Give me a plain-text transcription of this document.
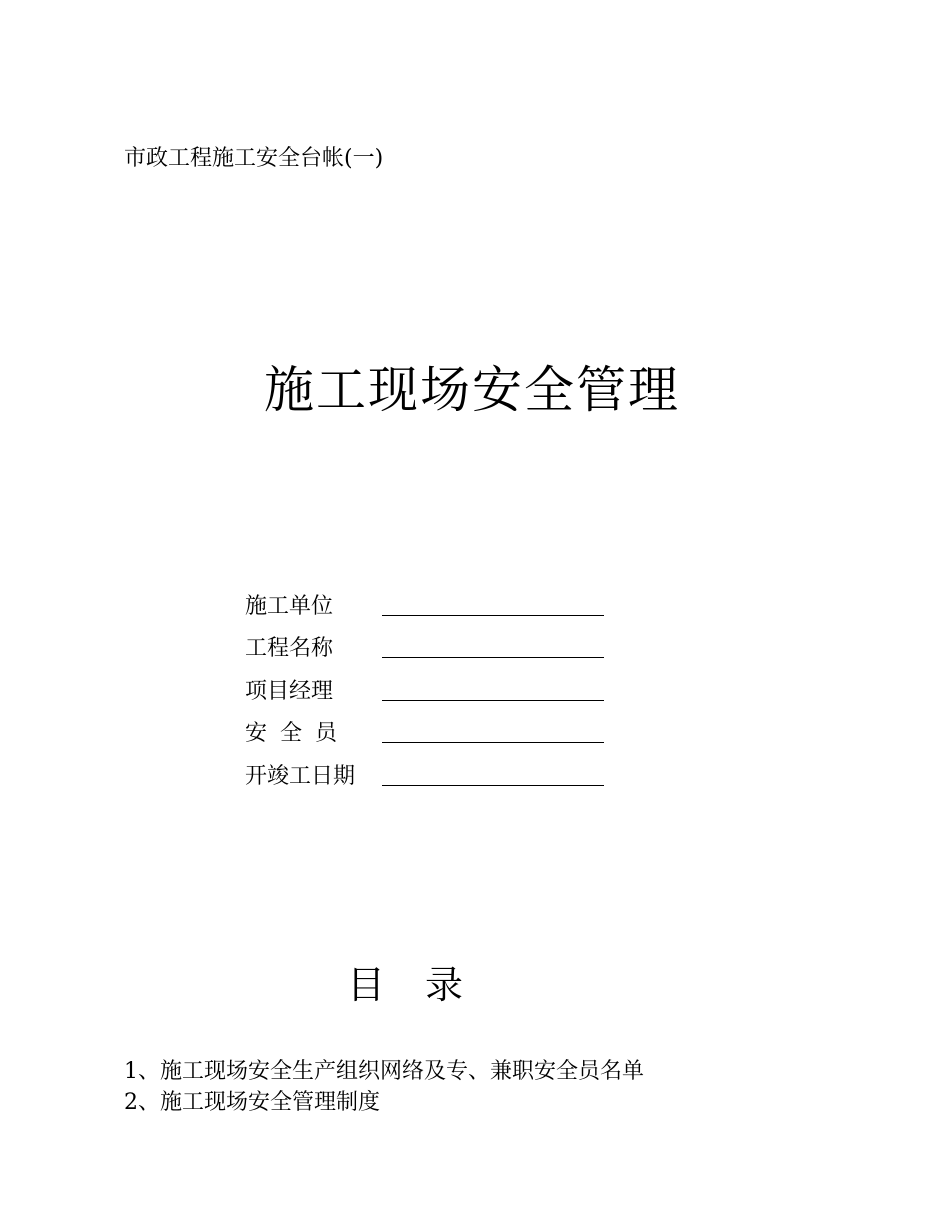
市政工程施工安全台帐(一)
施工现场安全管理
施工单位
工程名称
项目经理
安 全 员
开竣工日期
目 录
1、施工现场安全生产组织网络及专、兼职安全员名单
2、施工现场安全管理制度
